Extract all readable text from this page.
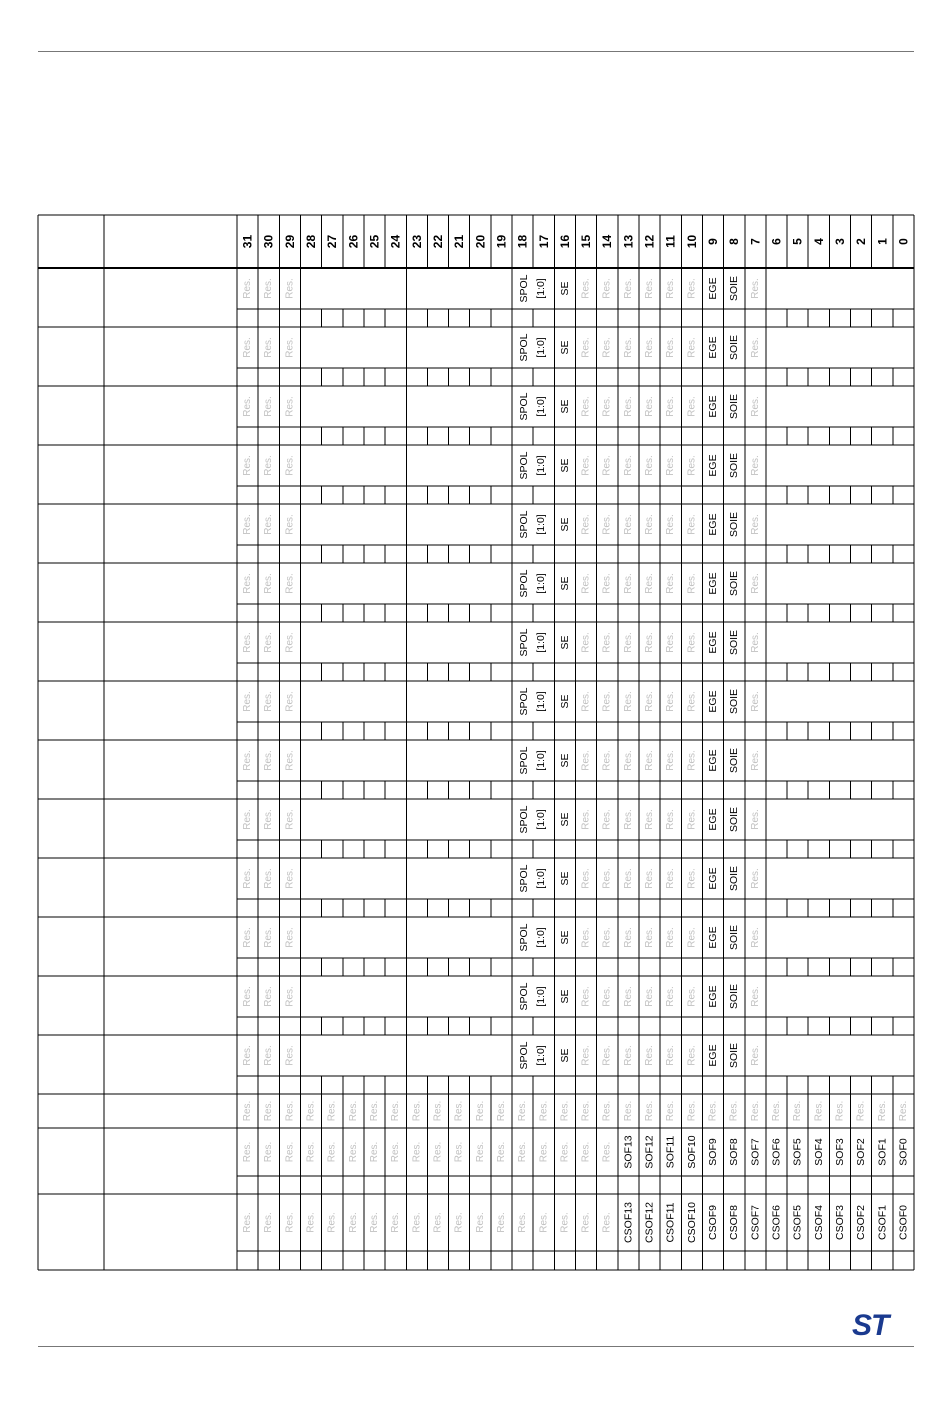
31 30 29 28 27 26 25 24 23 22 21 20 19 18 17 16 15 14 13 12 11 10 9 8 7 6 5 4 3 2 1 0
Res. Res. Res.	SPOL [1:0] SE Res. Res. Res. Res. Res. Res. EGE SOIE Res.
Res. Res. Res.	SPOL [1:0] SE Res. Res. Res. Res. Res. Res. EGE SOIE Res.
Res. Res. Res.	SPOL [1:0] SE Res. Res. Res. Res. Res. Res. EGE SOIE Res.
Res. Res. Res.	SPOL [1:0] SE Res. Res. Res. Res. Res. Res. EGE SOIE Res.
Res. Res. Res.	SPOL [1:0] SE Res. Res. Res. Res. Res. Res. EGE SOIE Res.
Res. Res. Res.	SPOL [1:0] SE Res. Res. Res. Res. Res. Res. EGE SOIE Res.
Res. Res. Res.	SPOL [1:0] SE Res. Res. Res. Res. Res. Res. EGE SOIE Res.
Res. Res. Res.	SPOL [1:0] SE Res. Res. Res. Res. Res. Res. EGE SOIE Res.
Res. Res. Res.	SPOL [1:0] SE Res. Res. Res. Res. Res. Res. EGE SOIE Res.
Res. Res. Res.	SPOL [1:0] SE Res. Res. Res. Res. Res. Res. EGE SOIE Res.
Res. Res. Res.	SPOL [1:0] SE Res. Res. Res. Res. Res. Res. EGE SOIE Res.
Res. Res. Res.	SPOL [1:0] SE Res. Res. Res. Res. Res. Res. EGE SOIE Res.
Res. Res. Res.	SPOL [1:0] SE Res. Res. Res. Res. Res. Res. EGE SOIE Res.
Res. Res. Res.	SPOL [1:0] SE Res. Res. Res. Res. Res. Res. EGE SOIE Res.
Res. Res. Res. Res. Res. Res. Res. Res. Res. Res. Res. Res. Res. Res. Res. Res. Res. Res. Res. Res. Res. Res. Res. Res. Res. Res. Res. Res. Res. Res. Res. Res.
Res. Res. Res. Res. Res. Res. Res. Res. Res. Res. Res. Res. Res. Res. Res. Res. Res. Res. SOF13 SOF12 SOF11 SOF10 SOF9 SOF8 SOF7 SOF6 SOF5 SOF4 SOF3 SOF2 SOF1 SOF0
Res. Res. Res. Res. Res. Res. Res. Res. Res. Res. Res. Res. Res. Res. Res. Res. Res. Res. CSOF13 CSOF12 CSOF11 CSOF10 CSOF9 CSOF8 CSOF7 CSOF6 CSOF5 CSOF4 CSOF3 CSOF2 CSOF1 CSOF0
ST
